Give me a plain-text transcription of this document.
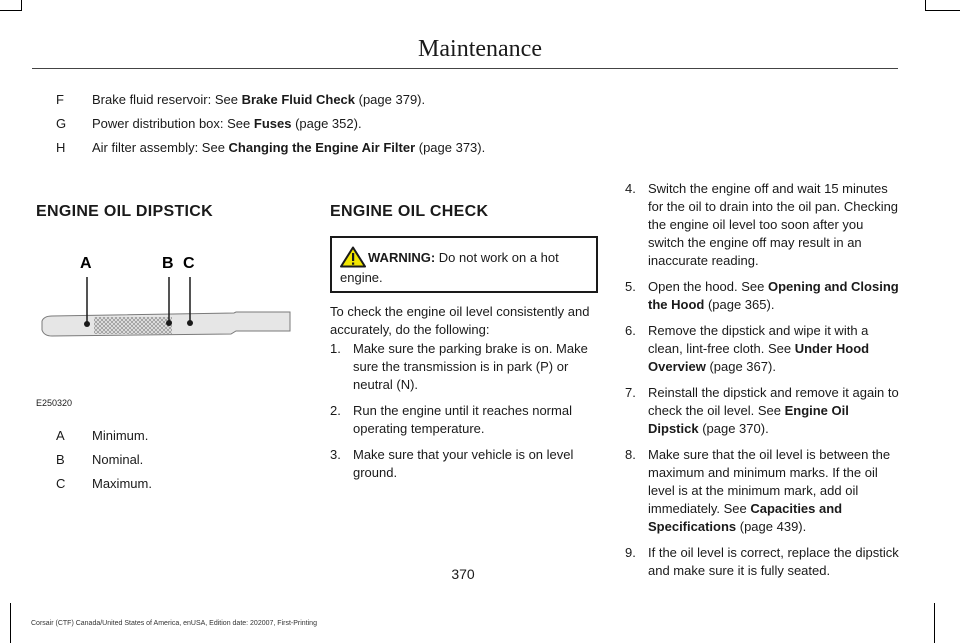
Maintenance
F	Brake fluid reservoir: See Brake Fluid Check (page 379).
G	Power distribution box: See Fuses (page 352).
H	Air filter assembly: See Changing the Engine Air Filter (page 373).
ENGINE OIL DIPSTICK
A	B C
E250320
A	Minimum.
B	Nominal.
C	Maximum.
ENGINE OIL CHECK
WARNING: Do not work on a hot engine.
To check the engine oil level consistently and accurately, do the following:
1. Make sure the parking brake is on. Make sure the transmission is in park (P) or neutral (N).
2. Run the engine until it reaches normal operating temperature.
3. Make sure that your vehicle is on level ground.
4. Switch the engine off and wait 15 minutes for the oil to drain into the oil pan. Checking the engine oil level too soon after you switch the engine off may result in an inaccurate reading.
5. Open the hood. See Opening and Closing the Hood (page 365).
6. Remove the dipstick and wipe it with a clean, lint-free cloth. See Under Hood Overview (page 367).
7. Reinstall the dipstick and remove it again to check the oil level. See Engine Oil Dipstick (page 370).
8. Make sure that the oil level is between the maximum and minimum marks. If the oil level is at the minimum mark, add oil immediately. See Capacities and Specifications (page 439).
9. If the oil level is correct, replace the dipstick and make sure it is fully seated.
370
Corsair (CTF) Canada/United States of America, enUSA, Edition date: 202007, First-Printing
